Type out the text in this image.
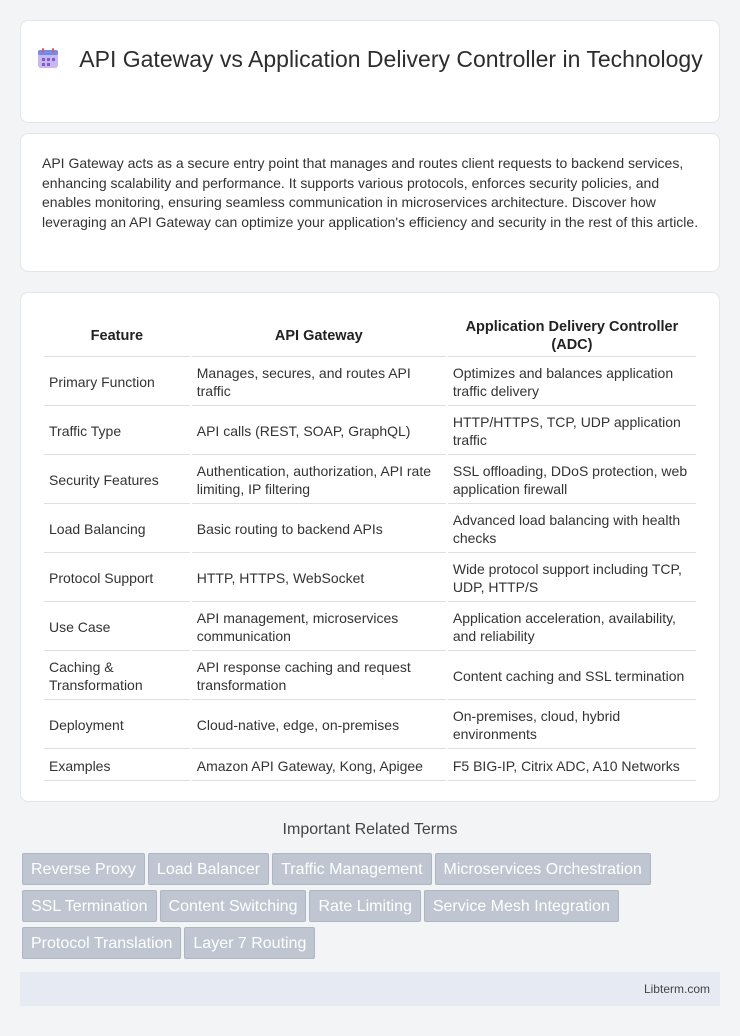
API Gateway vs Application Delivery Controller in Technology

API Gateway acts as a secure entry point that manages and routes client requests to backend services, enhancing scalability and performance. It supports various protocols, enforces security policies, and enables monitoring, ensuring seamless communication in microservices architecture. Discover how leveraging an API Gateway can optimize your application's efficiency and security in the rest of this article.

Feature	API Gateway	Application Delivery Controller (ADC)
Primary Function	Manages, secures, and routes API traffic	Optimizes and balances application traffic delivery
Traffic Type	API calls (REST, SOAP, GraphQL)	HTTP/HTTPS, TCP, UDP application traffic
Security Features	Authentication, authorization, API rate limiting, IP filtering	SSL offloading, DDoS protection, web application firewall
Load Balancing	Basic routing to backend APIs	Advanced load balancing with health checks
Protocol Support	HTTP, HTTPS, WebSocket	Wide protocol support including TCP, UDP, HTTP/S
Use Case	API management, microservices communication	Application acceleration, availability, and reliability
Caching & Transformation	API response caching and request transformation	Content caching and SSL termination
Deployment	Cloud-native, edge, on-premises	On-premises, cloud, hybrid environments
Examples	Amazon API Gateway, Kong, Apigee	F5 BIG-IP, Citrix ADC, A10 Networks
Important Related Terms
Reverse Proxy Load Balancer Traffic Management Microservices Orchestration
SSL Termination Content Switching Rate Limiting Service Mesh Integration
Protocol Translation Layer 7 Routing
Libterm.com
